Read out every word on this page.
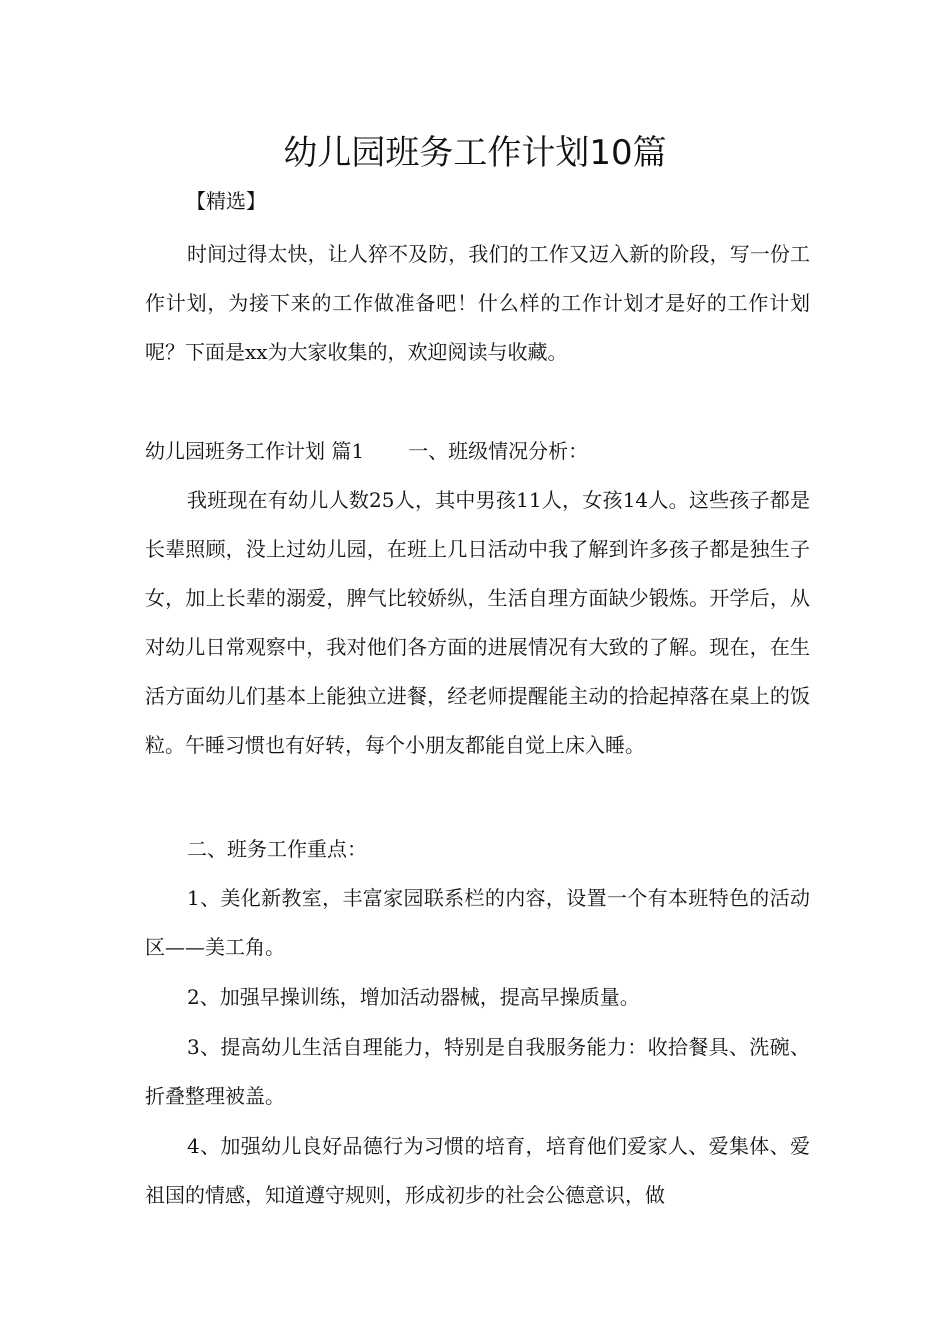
幼儿园班务工作计划10篇

【精选】

时间过得太快，让人猝不及防，我们的工作又迈入新的阶段，写一份工作计划，为接下来的工作做准备吧！什么样的工作计划才是好的工作计划呢？下面是xx为大家收集的，欢迎阅读与收藏。

幼儿园班务工作计划 篇1 一、班级情况分析：

我班现在有幼儿人数25人，其中男孩11人，女孩14人。这些孩子都是长辈照顾，没上过幼儿园，在班上几日活动中我了解到许多孩子都是独生子女，加上长辈的溺爱，脾气比较娇纵，生活自理方面缺少锻炼。开学后，从对幼儿日常观察中，我对他们各方面的进展情况有大致的了解。现在，在生活方面幼儿们基本上能独立进餐，经老师提醒能主动的拾起掉落在桌上的饭粒。午睡习惯也有好转，每个小朋友都能自觉上床入睡。

二、班务工作重点：

1、美化新教室，丰富家园联系栏的内容，设置一个有本班特色的活动区——美工角。

2、加强早操训练，增加活动器械，提高早操质量。

3、提高幼儿生活自理能力，特别是自我服务能力：收拾餐具、洗碗、折叠整理被盖。

4、加强幼儿良好品德行为习惯的培育，培育他们爱家人、爱集体、爱祖国的情感，知道遵守规则，形成初步的社会公德意识，做
